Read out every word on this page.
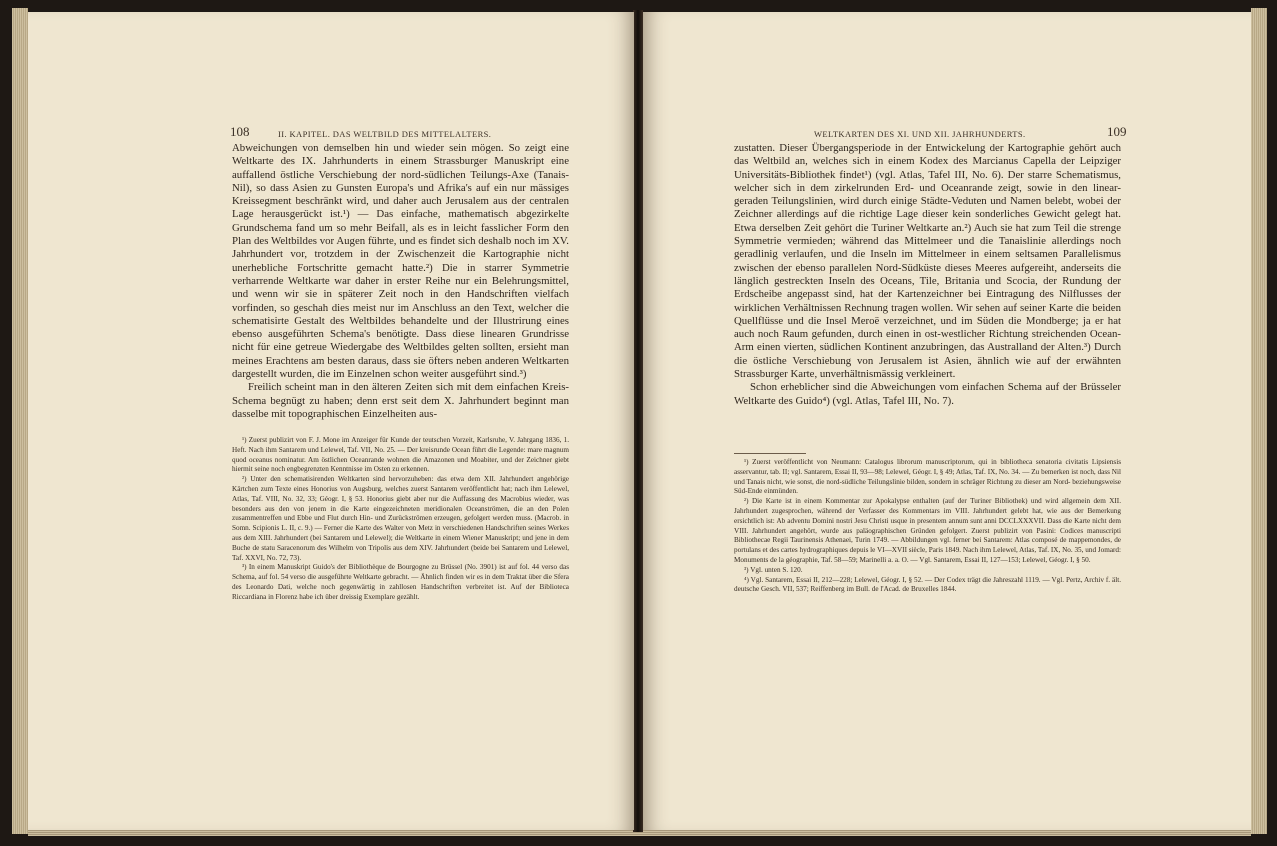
108	II. KAPITEL. DAS WELTBILD DES MITTELALTERS.

Abweichungen von demselben hin und wieder sein mögen. So zeigt eine Weltkarte des IX. Jahrhunderts in einem Strassburger Manuskript eine auffallend östliche Verschiebung der nord-südlichen Teilungs-Axe (Tanais-Nil), so dass Asien zu Gunsten Europa's und Afrika's auf ein nur mässiges Kreissegment beschränkt wird, und daher auch Jerusalem aus der centralen Lage herausgerückt ist.¹) — Das einfache, mathematisch abgezirkelte Grundschema fand um so mehr Beifall, als es in leicht fasslicher Form den Plan des Weltbildes vor Augen führte, und es findet sich deshalb noch im XV. Jahrhundert vor, trotzdem in der Zwischenzeit die Kartographie nicht unerhebliche Fortschritte gemacht hatte.²) Die in starrer Symmetrie verharrende Weltkarte war daher in erster Reihe nur ein Belehrungsmittel, und wenn wir sie in späterer Zeit noch in den Handschriften vielfach vorfinden, so geschah dies meist nur im Anschluss an den Text, welcher die schematisirte Gestalt des Weltbildes behandelte und der Illustrirung eines ebenso ausgeführten Schema's benötigte. Dass diese linearen Grundrisse nicht für eine getreue Wiedergabe des Weltbildes gelten sollten, ersieht man meines Erachtens am besten daraus, dass sie öfters neben anderen Weltkarten dargestellt wurden, die im Einzelnen schon weiter ausgeführt sind.³)

Freilich scheint man in den älteren Zeiten sich mit dem einfachen Kreis-Schema begnügt zu haben; denn erst seit dem X. Jahrhundert beginnt man dasselbe mit topographischen Einzelheiten aus-

¹) Zuerst publizirt von F. J. Mone im Anzeiger für Kunde der teutschen Vorzeit, Karlsruhe, V. Jahrgang 1836, 1. Heft. Nach ihm Santarem und Lelewel, Taf. VII, No. 25. — Der kreisrunde Ocean führt die Legende: mare magnum quod oceanus nominatur. Am östlichen Oceanrande wohnen die Amazonen und Moabiter, und der Zeichner giebt hiermit seine noch engbegrenzten Kenntnisse im Osten zu erkennen.

²) Unter den schematisirenden Weltkarten sind hervorzuheben: das etwa dem XII. Jahrhundert angehörige Kärtchen zum Texte eines Honorius von Augsburg, welches zuerst Santarem veröffentlicht hat; nach ihm Lelewel, Atlas, Taf. VIII, No. 32, 33; Géogr. I, § 53. Honorius giebt aber nur die Auffassung des Macrobius wieder, was besonders aus den von jenem in die Karte eingezeichneten meridionalen Oceanströmen, die an den Polen zusammentreffen und Ebbe und Flut durch Hin- und Zurückströmen erzeugen, gefolgert werden muss. (Macrob. in Somn. Scipionis L. II, c. 9.) — Ferner die Karte des Walter von Metz in verschiedenen Handschriften seines Werkes aus dem XIII. Jahrhundert (bei Santarem und Lelewel); die Weltkarte in einem Wiener Manuskript; und jene in dem Buche de statu Saracenorum des Wilhelm von Tripolis aus dem XIV. Jahrhundert (beide bei Santarem und Lelewel, Taf. XXVI, No. 72, 73).

³) In einem Manuskript Guido's der Bibliothèque de Bourgogne zu Brüssel (No. 3901) ist auf fol. 44 verso das Schema, auf fol. 54 verso die ausgeführte Weltkarte gebracht. — Ähnlich finden wir es in dem Traktat über die Sfera des Leonardo Dati, welche noch gegenwärtig in zahllosen Handschriften verbreitet ist. Auf der Biblioteca Riccardiana in Florenz habe ich über dreissig Exemplare gezählt.

WELTKARTEN DES XI. UND XII. JAHRHUNDERTS.	109

zustatten. Dieser Übergangsperiode in der Entwickelung der Kartographie gehört auch das Weltbild an, welches sich in einem Kodex des Marcianus Capella der Leipziger Universitäts-Bibliothek findet¹) (vgl. Atlas, Tafel III, No. 6). Der starre Schematismus, welcher sich in dem zirkelrunden Erd- und Oceanrande zeigt, sowie in den linear-geraden Teilungslinien, wird durch einige Städte-Veduten und Namen belebt, wobei der Zeichner allerdings auf die richtige Lage dieser kein sonderliches Gewicht gelegt hat. Etwa derselben Zeit gehört die Turiner Weltkarte an.²) Auch sie hat zum Teil die strenge Symmetrie vermieden; während das Mittelmeer und die Tanaislinie allerdings noch geradlinig verlaufen, und die Inseln im Mittelmeer in einem seltsamen Parallelismus zwischen der ebenso parallelen Nord-Südküste dieses Meeres aufgereiht, anderseits die länglich gestreckten Inseln des Oceans, Tile, Britania und Scocia, der Rundung der Erdscheibe angepasst sind, hat der Kartenzeichner bei Eintragung des Nilflusses der wirklichen Verhältnissen Rechnung tragen wollen. Wir sehen auf seiner Karte die beiden Quellflüsse und die Insel Meroë verzeichnet, und im Süden die Mondberge; ja er hat auch noch Raum gefunden, durch einen in ost-westlicher Richtung streichenden Ocean-Arm einen vierten, südlichen Kontinent anzubringen, das Australland der Alten.³) Durch die östliche Verschiebung von Jerusalem ist Asien, ähnlich wie auf der erwähnten Strassburger Karte, unverhältnismässig verkleinert.

Schon erheblicher sind die Abweichungen vom einfachen Schema auf der Brüsseler Weltkarte des Guido⁴) (vgl. Atlas, Tafel III, No. 7).

¹) Zuerst veröffentlicht von Neumann: Catalogus librorum manuscriptorum, qui in bibliotheca senatoria civitatis Lipsiensis asservantur, tab. II; vgl. Santarem, Essai II, 93—98; Lelewel, Géogr. I, § 49; Atlas, Taf. IX, No. 34. — Zu bemerken ist noch, dass Nil und Tanais nicht, wie sonst, die nord-südliche Teilungslinie bilden, sondern in schräger Richtung zu dieser am Nord- beziehungsweise Süd-Ende einmünden.

²) Die Karte ist in einem Kommentar zur Apokalypse enthalten (auf der Turiner Bibliothek) und wird allgemein dem XII. Jahrhundert zugesprochen, während der Verfasser des Kommentars im VIII. Jahrhundert gelebt hat, wie aus der Bemerkung ersichtlich ist: Ab adventu Domini nostri Jesu Christi usque in presentem annum sunt anni DCCLXXXVII. Dass die Karte nicht dem VIII. Jahrhundert angehört, wurde aus paläographischen Gründen gefolgert. Zuerst publizirt von Pasini: Codices manuscripti Bibliothecae Regii Taurinensis Athenaei, Turin 1749. — Abbildungen vgl. ferner bei Santarem: Atlas composé de mappemondes, de portulans et des cartes hydrographiques depuis le VI—XVII siècle, Paris 1849. Nach ihm Lelewel, Atlas, Taf. IX, No. 35, und Jomard: Monuments de la géographie, Taf. 58—59; Marinelli a. a. O. — Vgl. Santarem, Essai II, 127—153; Lelewel, Géogr. I, § 50.

³) Vgl. unten S. 120.

⁴) Vgl. Santarem, Essai II, 212—228; Lelewel, Géogr. I, § 52. — Der Codex trägt die Jahreszahl 1119. — Vgl. Pertz, Archiv f. ält. deutsche Gesch. VII, 537; Reiffenberg im Bull. de l'Acad. de Bruxelles 1844.
